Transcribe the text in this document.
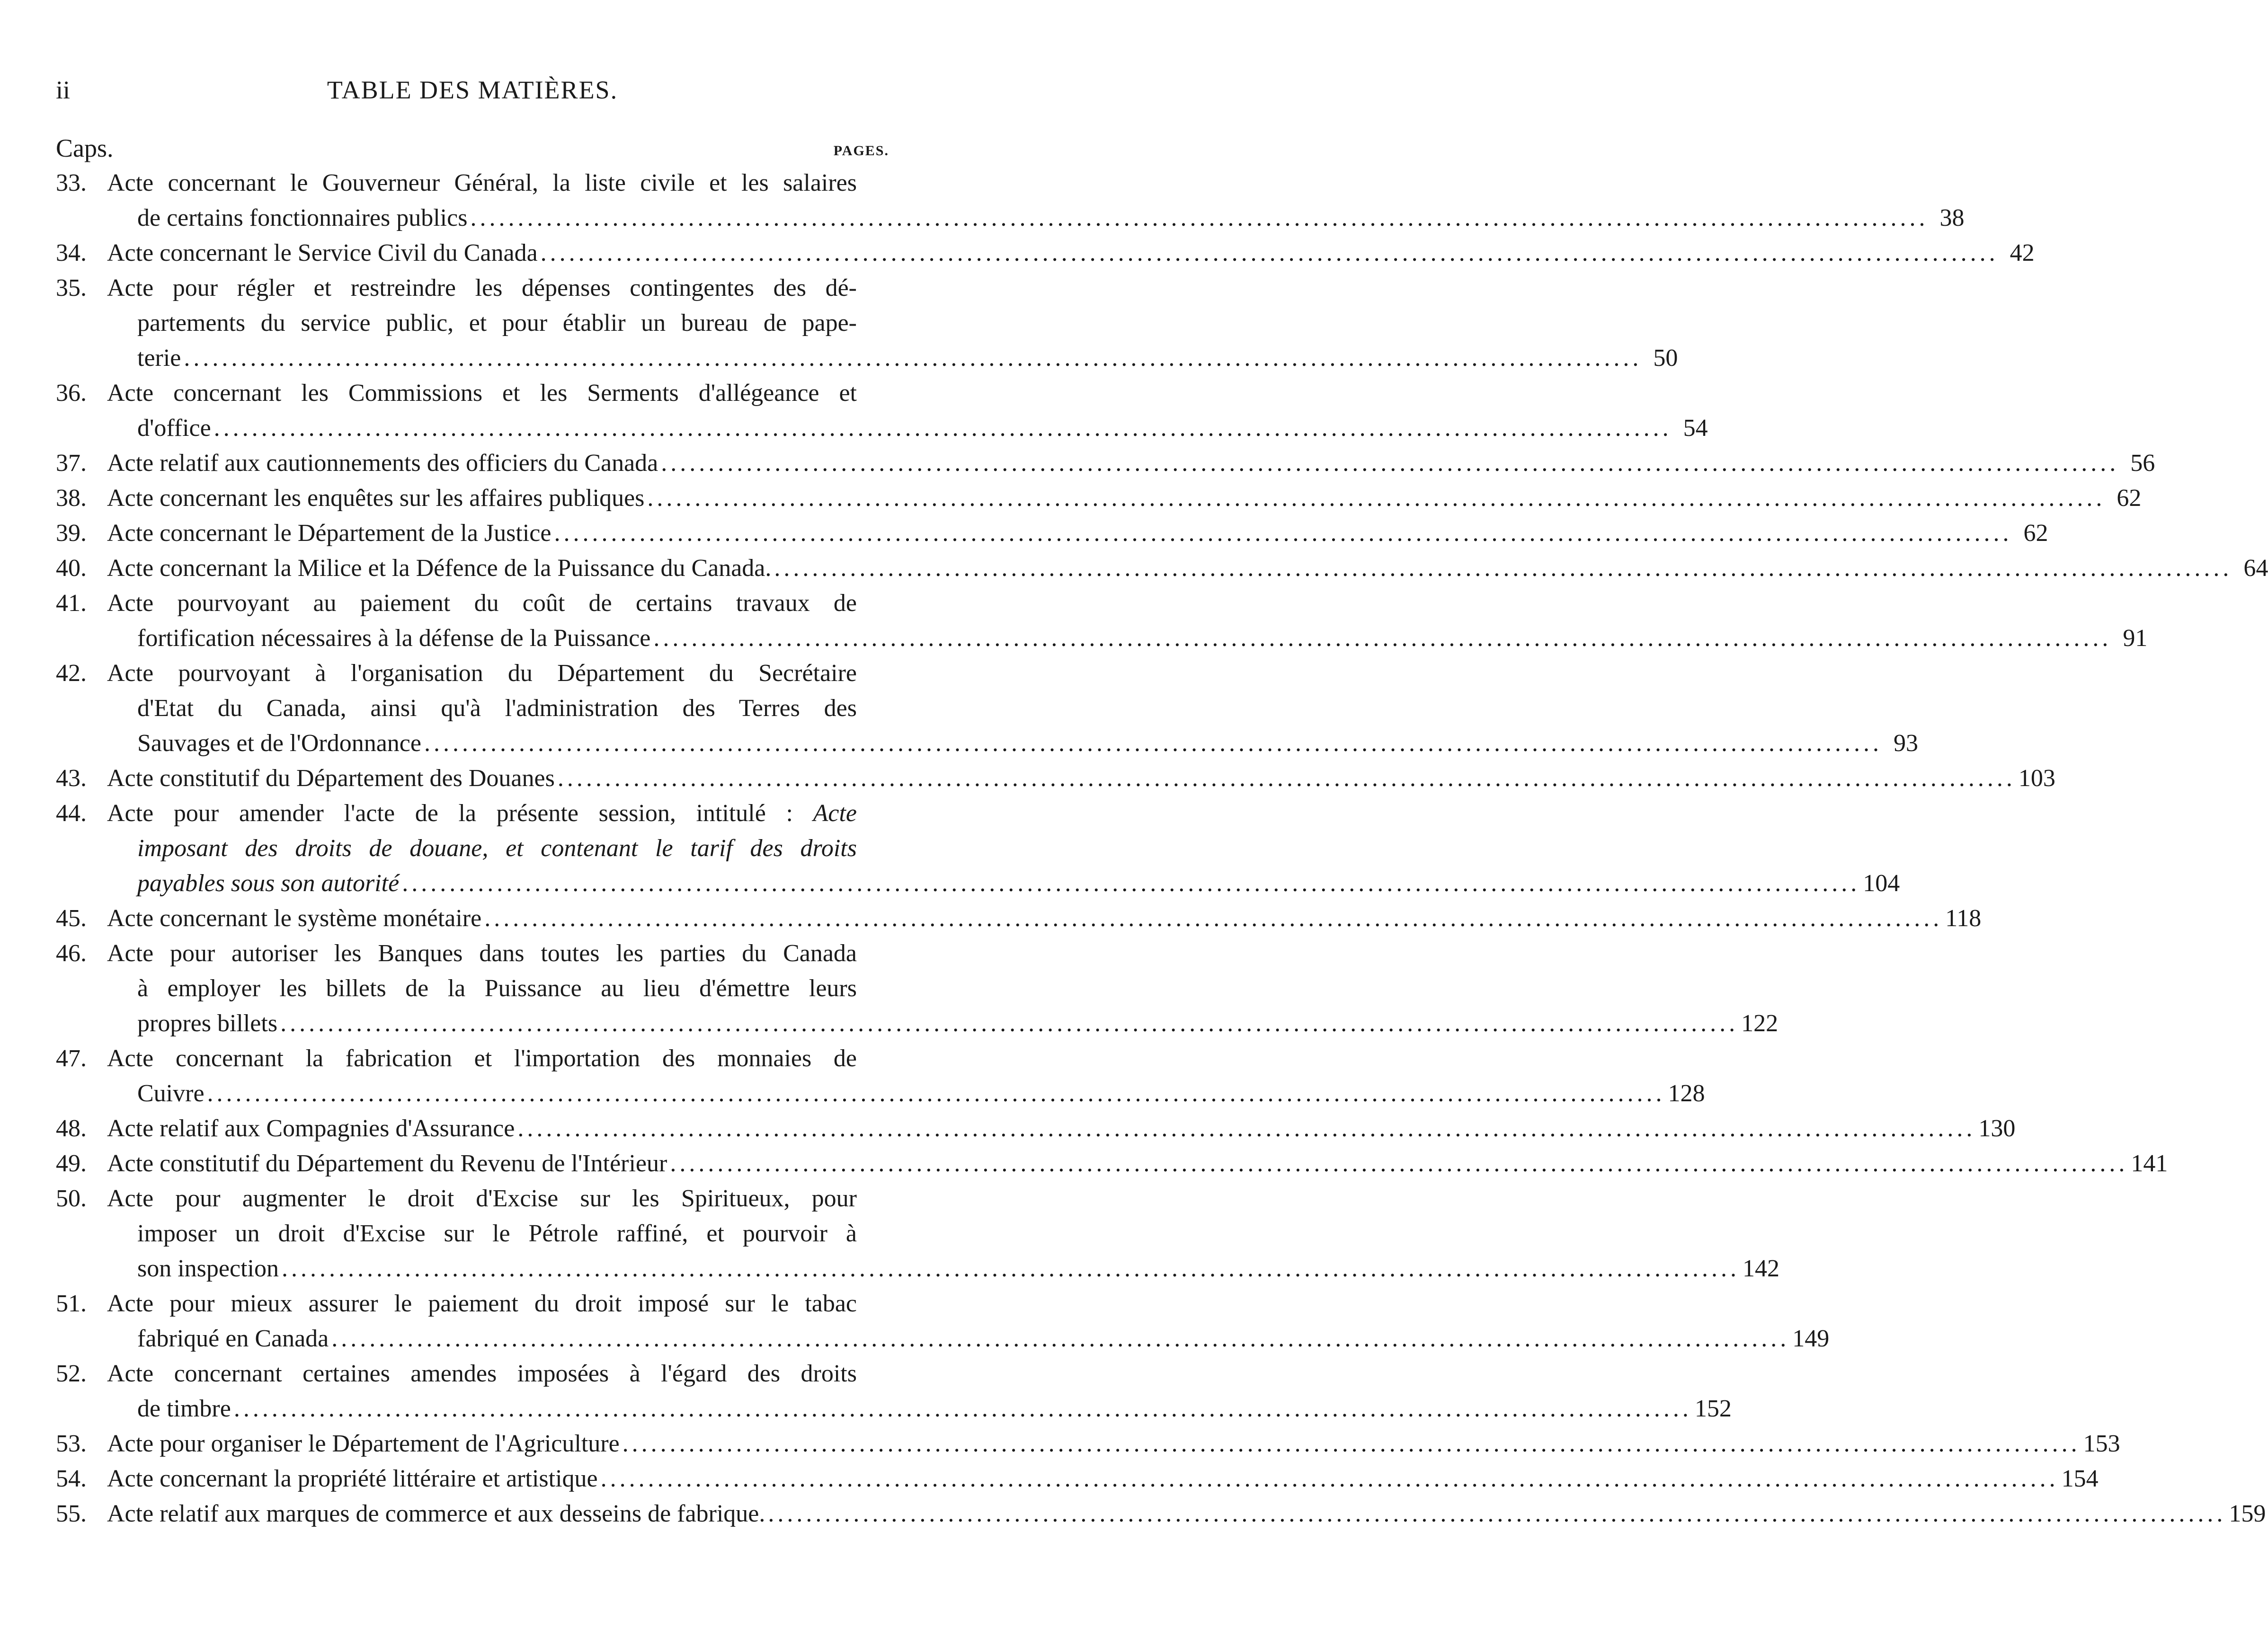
ii	TABLE DES MATIÈRES.
Caps.	PAGES.
33. Acte concernant le Gouverneur Général, la liste civile et les salaires
de certains fonctionnaires publics .......................................................................................................................................................... 38
34. Acte concernant le Service Civil du Canada .......................................................................................................................................................... 42
35. Acte pour régler et restreindre les dépenses contingentes des dé-
partements du service public, et pour établir un bureau de pape-
terie .......................................................................................................................................................... 50
36. Acte concernant les Commissions et les Serments d'allégeance et
d'office .......................................................................................................................................................... 54
37. Acte relatif aux cautionnements des officiers du Canada .......................................................................................................................................................... 56
38. Acte concernant les enquêtes sur les affaires publiques .......................................................................................................................................................... 62
39. Acte concernant le Département de la Justice .......................................................................................................................................................... 62
40. Acte concernant la Milice et la Défence de la Puissance du Canada. .......................................................................................................................................................... 64
41. Acte pourvoyant au paiement du coût de certains travaux de
fortification nécessaires à la défense de la Puissance .......................................................................................................................................................... 91
42. Acte pourvoyant à l'organisation du Département du Secrétaire
d'Etat du Canada, ainsi qu'à l'administration des Terres des
Sauvages et de l'Ordonnance .......................................................................................................................................................... 93
43. Acte constitutif du Département des Douanes .......................................................................................................................................................... 103
44. Acte pour amender l'acte de la présente session, intitulé : Acte
imposant des droits de douane, et contenant le tarif des droits
payables sous son autorité .......................................................................................................................................................... 104
45. Acte concernant le système monétaire .......................................................................................................................................................... 118
46. Acte pour autoriser les Banques dans toutes les parties du Canada
à employer les billets de la Puissance au lieu d'émettre leurs
propres billets .......................................................................................................................................................... 122
47. Acte concernant la fabrication et l'importation des monnaies de
Cuivre .......................................................................................................................................................... 128
48. Acte relatif aux Compagnies d'Assurance .......................................................................................................................................................... 130
49. Acte constitutif du Département du Revenu de l'Intérieur .......................................................................................................................................................... 141
50. Acte pour augmenter le droit d'Excise sur les Spiritueux, pour
imposer un droit d'Excise sur le Pétrole raffiné, et pourvoir à
son inspection .......................................................................................................................................................... 142
51. Acte pour mieux assurer le paiement du droit imposé sur le tabac
fabriqué en Canada .......................................................................................................................................................... 149
52. Acte concernant certaines amendes imposées à l'égard des droits
de timbre .......................................................................................................................................................... 152
53. Acte pour organiser le Département de l'Agriculture .......................................................................................................................................................... 153
54. Acte concernant la propriété littéraire et artistique .......................................................................................................................................................... 154
55. Acte relatif aux marques de commerce et aux desseins de fabrique. .......................................................................................................................................................... 159
